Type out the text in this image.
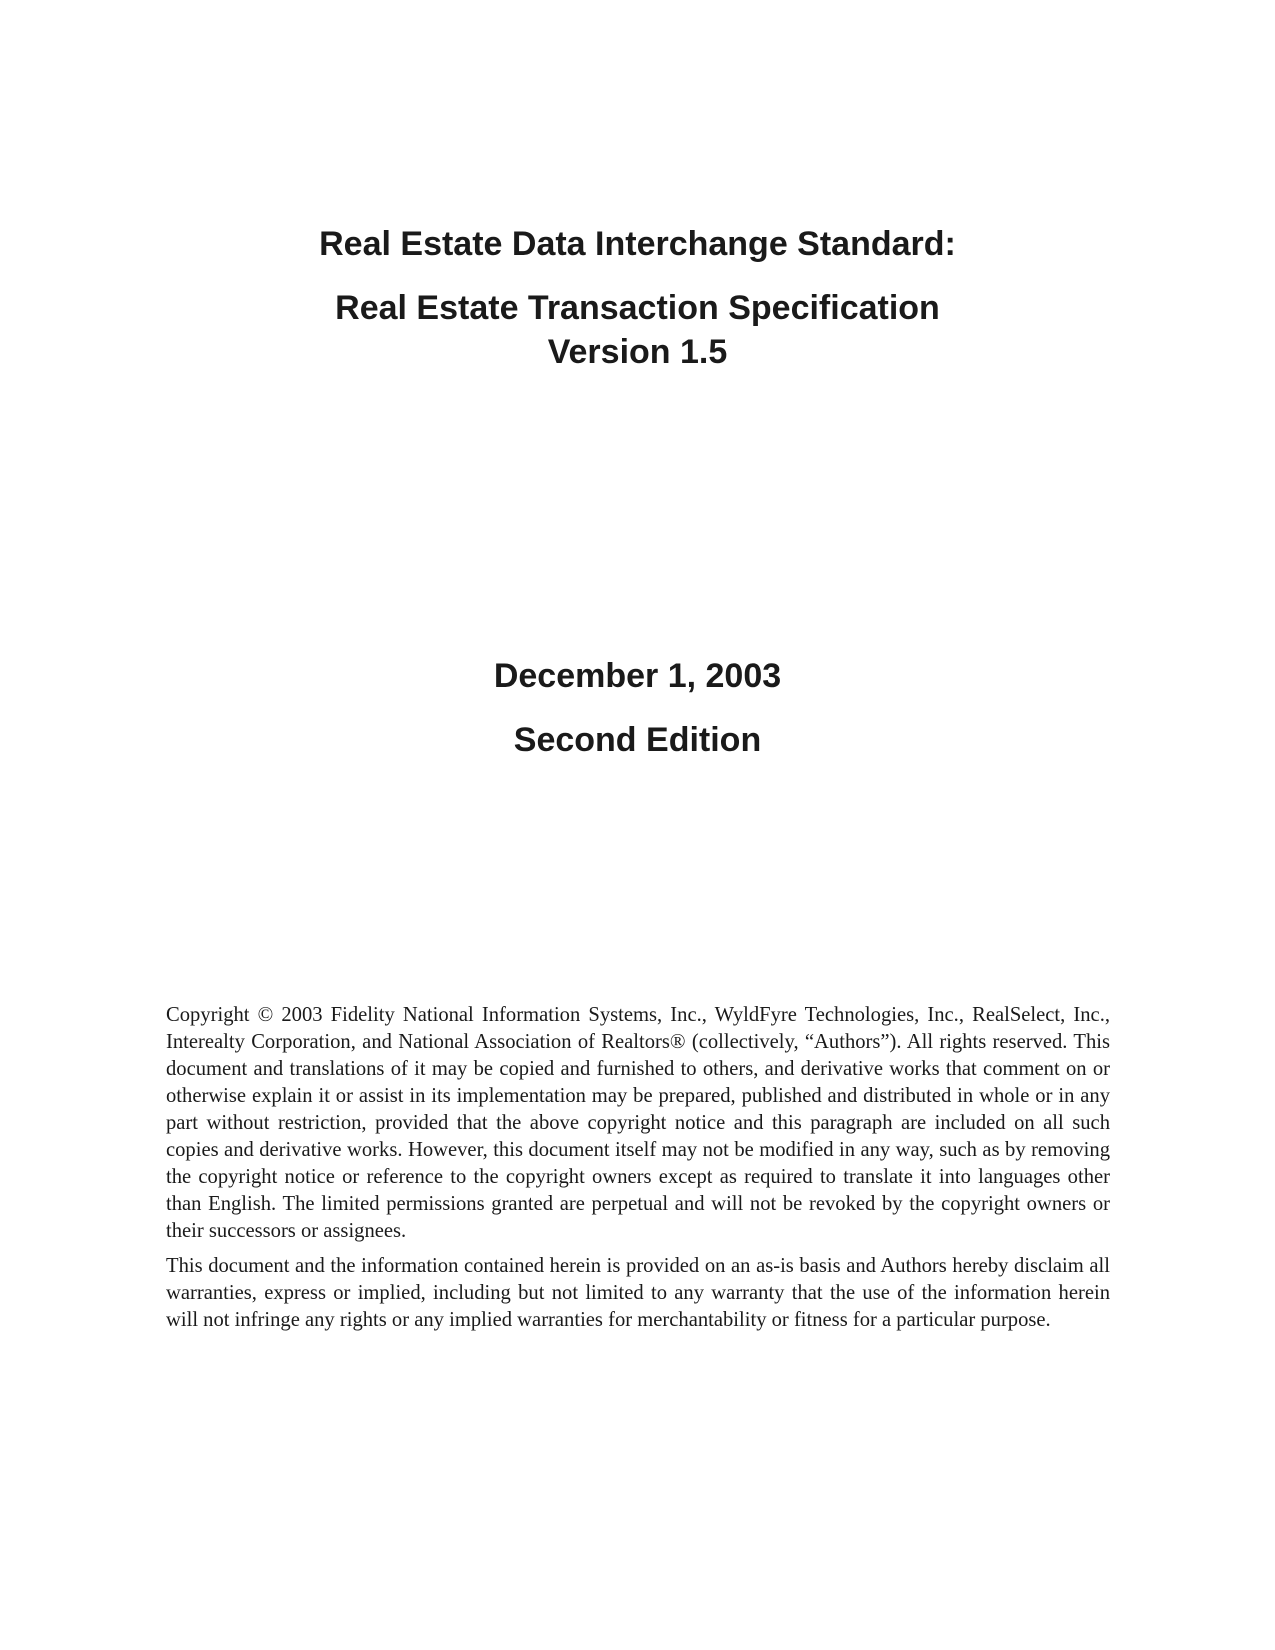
Real Estate Data Interchange Standard:
Real Estate Transaction Specification
Version 1.5
December 1, 2003
Second Edition

Copyright © 2003 Fidelity National Information Systems, Inc., WyldFyre Technologies, Inc., RealSelect, Inc., Interealty Corporation, and National Association of Realtors® (collectively, “Authors”). All rights reserved. This document and translations of it may be copied and furnished to others, and derivative works that comment on or otherwise explain it or assist in its implementation may be prepared, published and distributed in whole or in any part without restriction, provided that the above copyright notice and this paragraph are included on all such copies and derivative works. However, this document itself may not be modified in any way, such as by removing the copyright notice or reference to the copyright owners except as required to translate it into languages other than English. The limited permissions granted are perpetual and will not be revoked by the copyright owners or their successors or assignees.

This document and the information contained herein is provided on an as-is basis and Authors hereby disclaim all warranties, express or implied, including but not limited to any warranty that the use of the information herein will not infringe any rights or any implied warranties for merchantability or fitness for a particular purpose.
